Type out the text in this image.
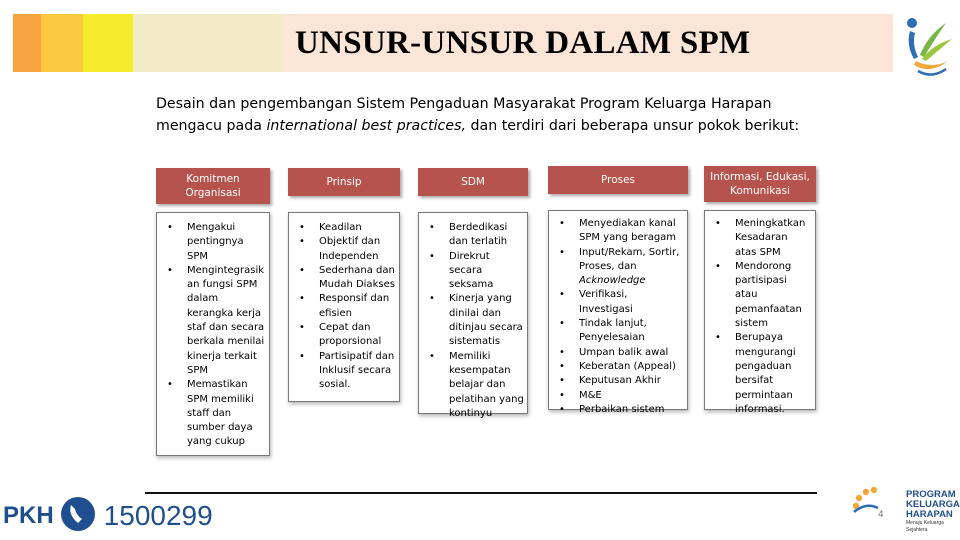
UNSUR-UNSUR DALAM SPM
Desain dan pengembangan Sistem Pengaduan Masyarakat Program Keluarga Harapan
mengacu pada international best practices, dan terdiri dari beberapa unsur pokok berikut:
Komitmen Organisasi
• Mengakui pentingnya SPM
• Mengintegrasik an fungsi SPM dalam kerangka kerja staf dan secara berkala menilai kinerja terkait SPM
• Memastikan SPM memiliki staff dan sumber daya yang cukup
Prinsip
• Keadilan
• Objektif dan Independen
• Sederhana dan Mudah Diakses
• Responsif dan efisien
• Cepat dan proporsional
• Partisipatif dan Inklusif secara sosial.
SDM
• Berdedikasi dan terlatih
• Direkrut secara seksama
• Kinerja yang dinilai dan ditinjau secara sistematis
• Memiliki kesempatan belajar dan pelatihan yang kontinyu
Proses
• Menyediakan kanal SPM yang beragam
• Input/Rekam, Sortir, Proses, dan Acknowledge
• Verifikasi, Investigasi
• Tindak lanjut, Penyelesaian
• Umpan balik awal
• Keberatan (Appeal)
• Keputusan Akhir
• M&E
• Perbaikan sistem
Informasi, Edukasi, Komunikasi
• Meningkatkan Kesadaran atas SPM
• Mendorong partisipasi atau pemanfaatan sistem
• Berupaya mengurangi pengaduan bersifat permintaan informasi.
PKH 1500299
PROGRAM
KELUARGA
HARAPAN
Menuju Keluarga Sejahtera
4
